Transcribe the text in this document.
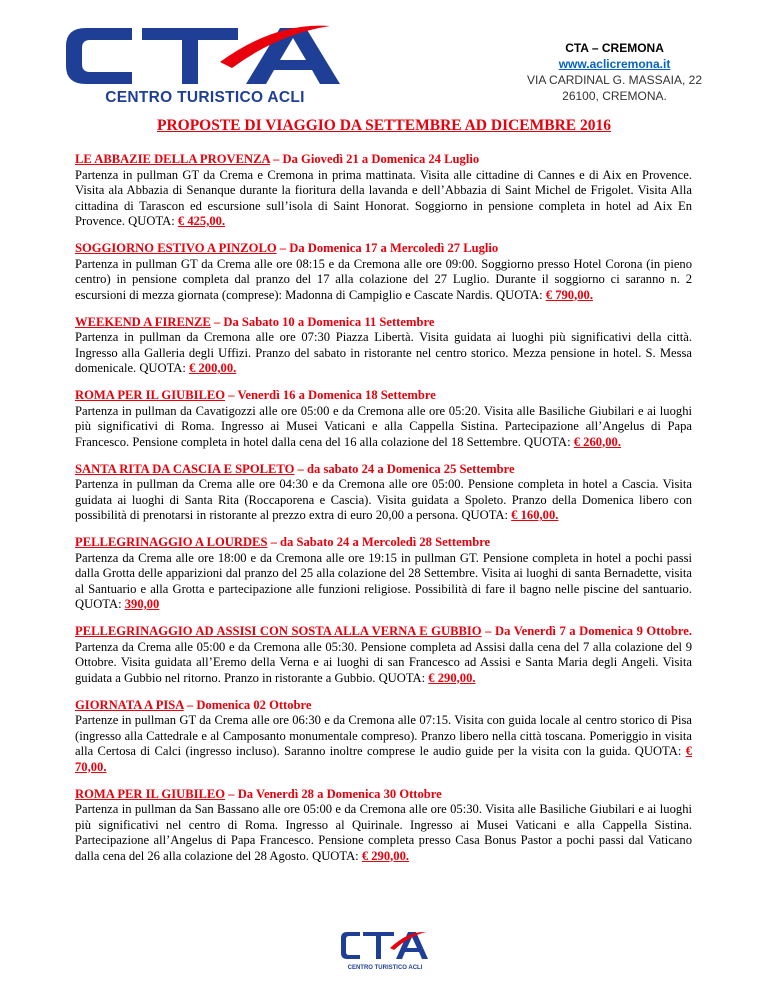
CENTRO TURISTICO ACLI
CTA – CREMONA
www.aclicremona.it
VIA CARDINAL G. MASSAIA, 22
26100, CREMONA.
PROPOSTE DI VIAGGIO DA SETTEMBRE AD DICEMBRE 2016

LE ABBAZIE DELLA PROVENZA – Da Giovedì 21 a Domenica 24 Luglio

Partenza in pullman GT da Crema e Cremona in prima mattinata. Visita alle cittadine di Cannes e di Aix en Provence. Visita ala Abbazia di Senanque durante la fioritura della lavanda e dell’Abbazia di Saint Michel de Frigolet. Visita Alla cittadina di Tarascon ed escursione sull’isola di Saint Honorat. Soggiorno in pensione completa in hotel ad Aix En Provence. QUOTA: € 425,00.

SOGGIORNO ESTIVO A PINZOLO – Da Domenica 17 a Mercoledì 27 Luglio

Partenza in pullman GT da Crema alle ore 08:15 e da Cremona alle ore 09:00. Soggiorno presso Hotel Corona (in pieno centro) in pensione completa dal pranzo del 17 alla colazione del 27 Luglio. Durante il soggiorno ci saranno n. 2 escursioni di mezza giornata (comprese): Madonna di Campiglio e Cascate Nardis. QUOTA: € 790,00.

WEEKEND A FIRENZE – Da Sabato 10 a Domenica 11 Settembre

Partenza in pullman da Cremona alle ore 07:30 Piazza Libertà. Visita guidata ai luoghi più significativi della città. Ingresso alla Galleria degli Uffizi. Pranzo del sabato in ristorante nel centro storico. Mezza pensione in hotel. S. Messa domenicale. QUOTA: € 200,00.

ROMA PER IL GIUBILEO – Venerdì 16 a Domenica 18 Settembre

Partenza in pullman da Cavatigozzi alle ore 05:00 e da Cremona alle ore 05:20. Visita alle Basiliche Giubilari e ai luoghi più significativi di Roma. Ingresso ai Musei Vaticani e alla Cappella Sistina. Partecipazione all’Angelus di Papa Francesco. Pensione completa in hotel dalla cena del 16 alla colazione del 18 Settembre. QUOTA: € 260,00.

SANTA RITA DA CASCIA E SPOLETO – da sabato 24 a Domenica 25 Settembre

Partenza in pullman da Crema alle ore 04:30 e da Cremona alle ore 05:00. Pensione completa in hotel a Cascia. Visita guidata ai luoghi di Santa Rita (Roccaporena e Cascia). Visita guidata a Spoleto. Pranzo della Domenica libero con possibilità di prenotarsi in ristorante al prezzo extra di euro 20,00 a persona. QUOTA: € 160,00.

PELLEGRINAGGIO A LOURDES – da Sabato 24 a Mercoledì 28 Settembre

Partenza da Crema alle ore 18:00 e da Cremona alle ore 19:15 in pullman GT. Pensione completa in hotel a pochi passi dalla Grotta delle apparizioni dal pranzo del 25 alla colazione del 28 Settembre. Visita ai luoghi di santa Bernadette, visita al Santuario e alla Grotta e partecipazione alle funzioni religiose. Possibilità di fare il bagno nelle piscine del santuario. QUOTA: 390,00

PELLEGRINAGGIO AD ASSISI CON SOSTA ALLA VERNA E GUBBIO – Da Venerdì 7 a Domenica 9 Ottobre. Partenza da Crema alle 05:00 e da Cremona alle 05:30. Pensione completa ad Assisi dalla cena del 7 alla colazione del 9 Ottobre. Visita guidata all’Eremo della Verna e ai luoghi di san Francesco ad Assisi e Santa Maria degli Angeli. Visita guidata a Gubbio nel ritorno. Pranzo in ristorante a Gubbio. QUOTA: € 290,00.

GIORNATA A PISA – Domenica 02 Ottobre

Partenze in pullman GT da Crema alle ore 06:30 e da Cremona alle 07:15. Visita con guida locale al centro storico di Pisa (ingresso alla Cattedrale e al Camposanto monumentale compreso). Pranzo libero nella città toscana. Pomeriggio in visita alla Certosa di Calci (ingresso incluso). Saranno inoltre comprese le audio guide per la visita con la guida. QUOTA: € 70,00.

ROMA PER IL GIUBILEO – Da Venerdì 28 a Domenica 30 Ottobre

Partenza in pullman da San Bassano alle ore 05:00 e da Cremona alle ore 05:30. Visita alle Basiliche Giubilari e ai luoghi più significativi nel centro di Roma. Ingresso al Quirinale. Ingresso ai Musei Vaticani e alla Cappella Sistina. Partecipazione all’Angelus di Papa Francesco. Pensione completa presso Casa Bonus Pastor a pochi passi dal Vaticano dalla cena del 26 alla colazione del 28 Agosto. QUOTA: € 290,00.

CENTRO TURISTICO ACLI
